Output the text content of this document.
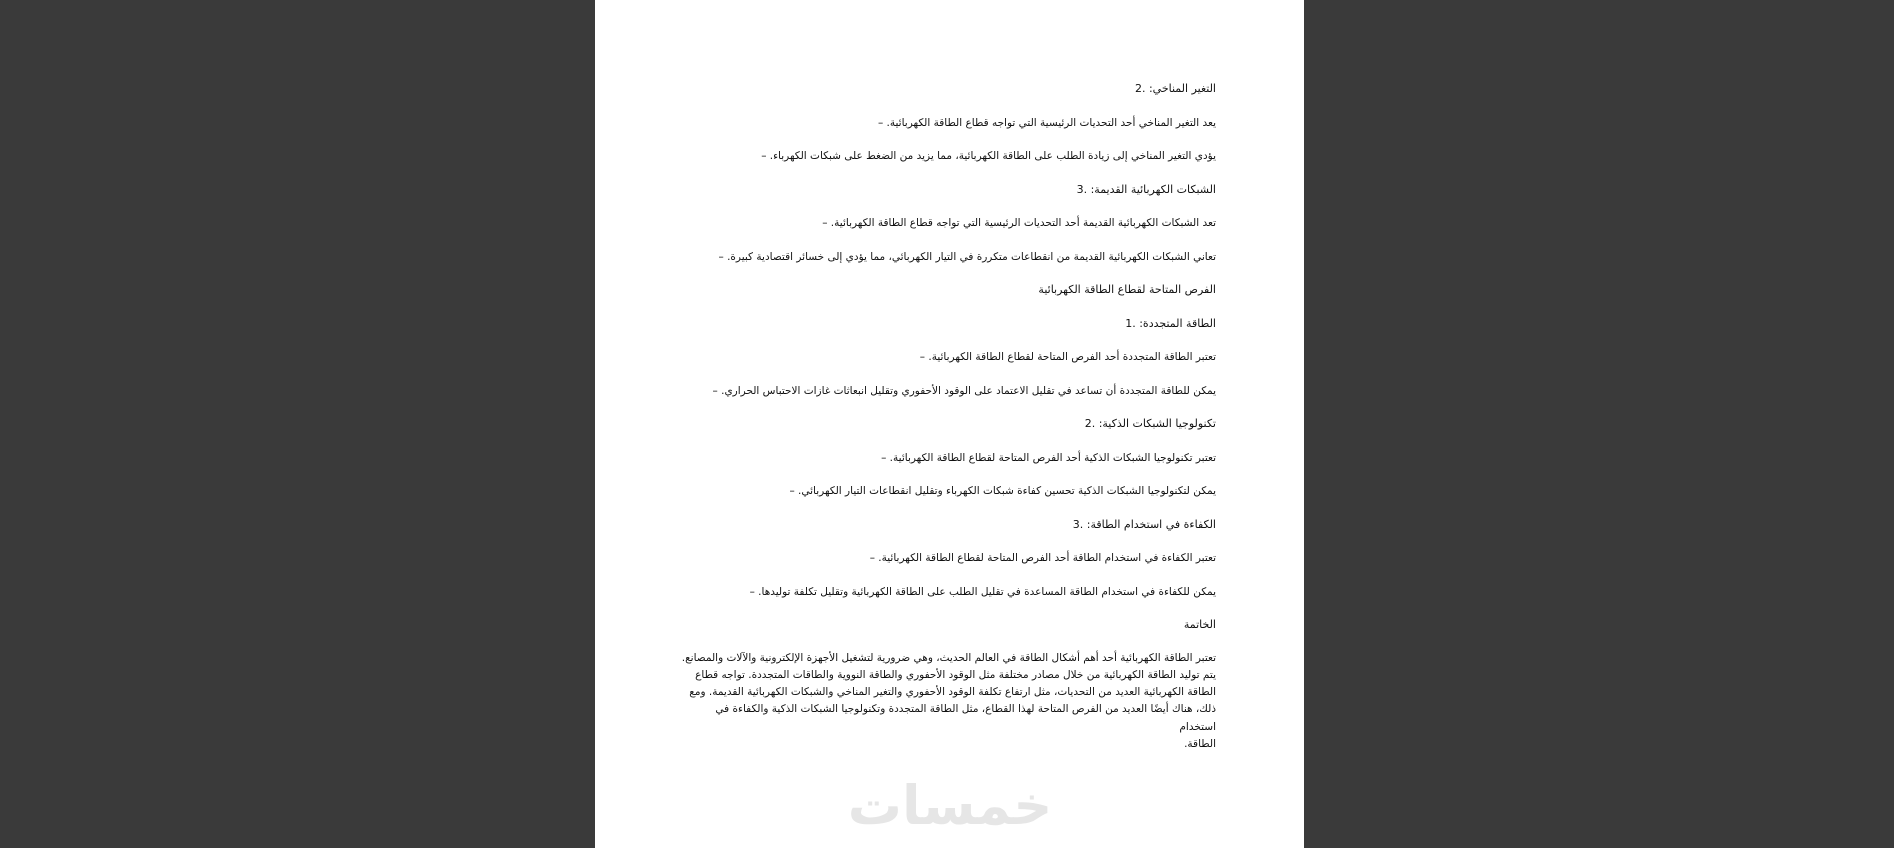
التغير المناخي: .2
يعد التغير المناخي أحد التحديات الرئيسية التي تواجه قطاع الطاقة الكهربائية. –
يؤدي التغير المناخي إلى زيادة الطلب على الطاقة الكهربائية، مما يزيد من الضغط على شبكات الكهرباء. –
الشبكات الكهربائية القديمة: .3
تعد الشبكات الكهربائية القديمة أحد التحديات الرئيسية التي تواجه قطاع الطاقة الكهربائية. –
تعاني الشبكات الكهربائية القديمة من انقطاعات متكررة في التيار الكهربائي، مما يؤدي إلى خسائر اقتصادية كبيرة. –
الفرص المتاحة لقطاع الطاقة الكهربائية
الطاقة المتجددة: .1
تعتبر الطاقة المتجددة أحد الفرص المتاحة لقطاع الطاقة الكهربائية. –
يمكن للطاقة المتجددة أن تساعد في تقليل الاعتماد على الوقود الأحفوري وتقليل انبعاثات غازات الاحتباس الحراري. –
تكنولوجيا الشبكات الذكية: .2
تعتبر تكنولوجيا الشبكات الذكية أحد الفرص المتاحة لقطاع الطاقة الكهربائية. –
يمكن لتكنولوجيا الشبكات الذكية تحسين كفاءة شبكات الكهرباء وتقليل انقطاعات التيار الكهربائي. –
الكفاءة في استخدام الطاقة: .3
تعتبر الكفاءة في استخدام الطاقة أحد الفرص المتاحة لقطاع الطاقة الكهربائية. –
يمكن للكفاءة في استخدام الطاقة المساعدة في تقليل الطلب على الطاقة الكهربائية وتقليل تكلفة توليدها. –
الخاتمة
تعتبر الطاقة الكهربائية أحد أهم أشكال الطاقة في العالم الحديث، وهي ضرورية لتشغيل الأجهزة الإلكترونية والآلات والمصانع.
يتم توليد الطاقة الكهربائية من خلال مصادر مختلفة مثل الوقود الأحفوري والطاقة النووية والطاقات المتجددة. تواجه قطاع
الطاقة الكهربائية العديد من التحديات، مثل ارتفاع تكلفة الوقود الأحفوري والتغير المناخي والشبكات الكهربائية القديمة. ومع
ذلك، هناك أيضًا العديد من الفرص المتاحة لهذا القطاع، مثل الطاقة المتجددة وتكنولوجيا الشبكات الذكية والكفاءة في استخدام
الطاقة.
خمسات
